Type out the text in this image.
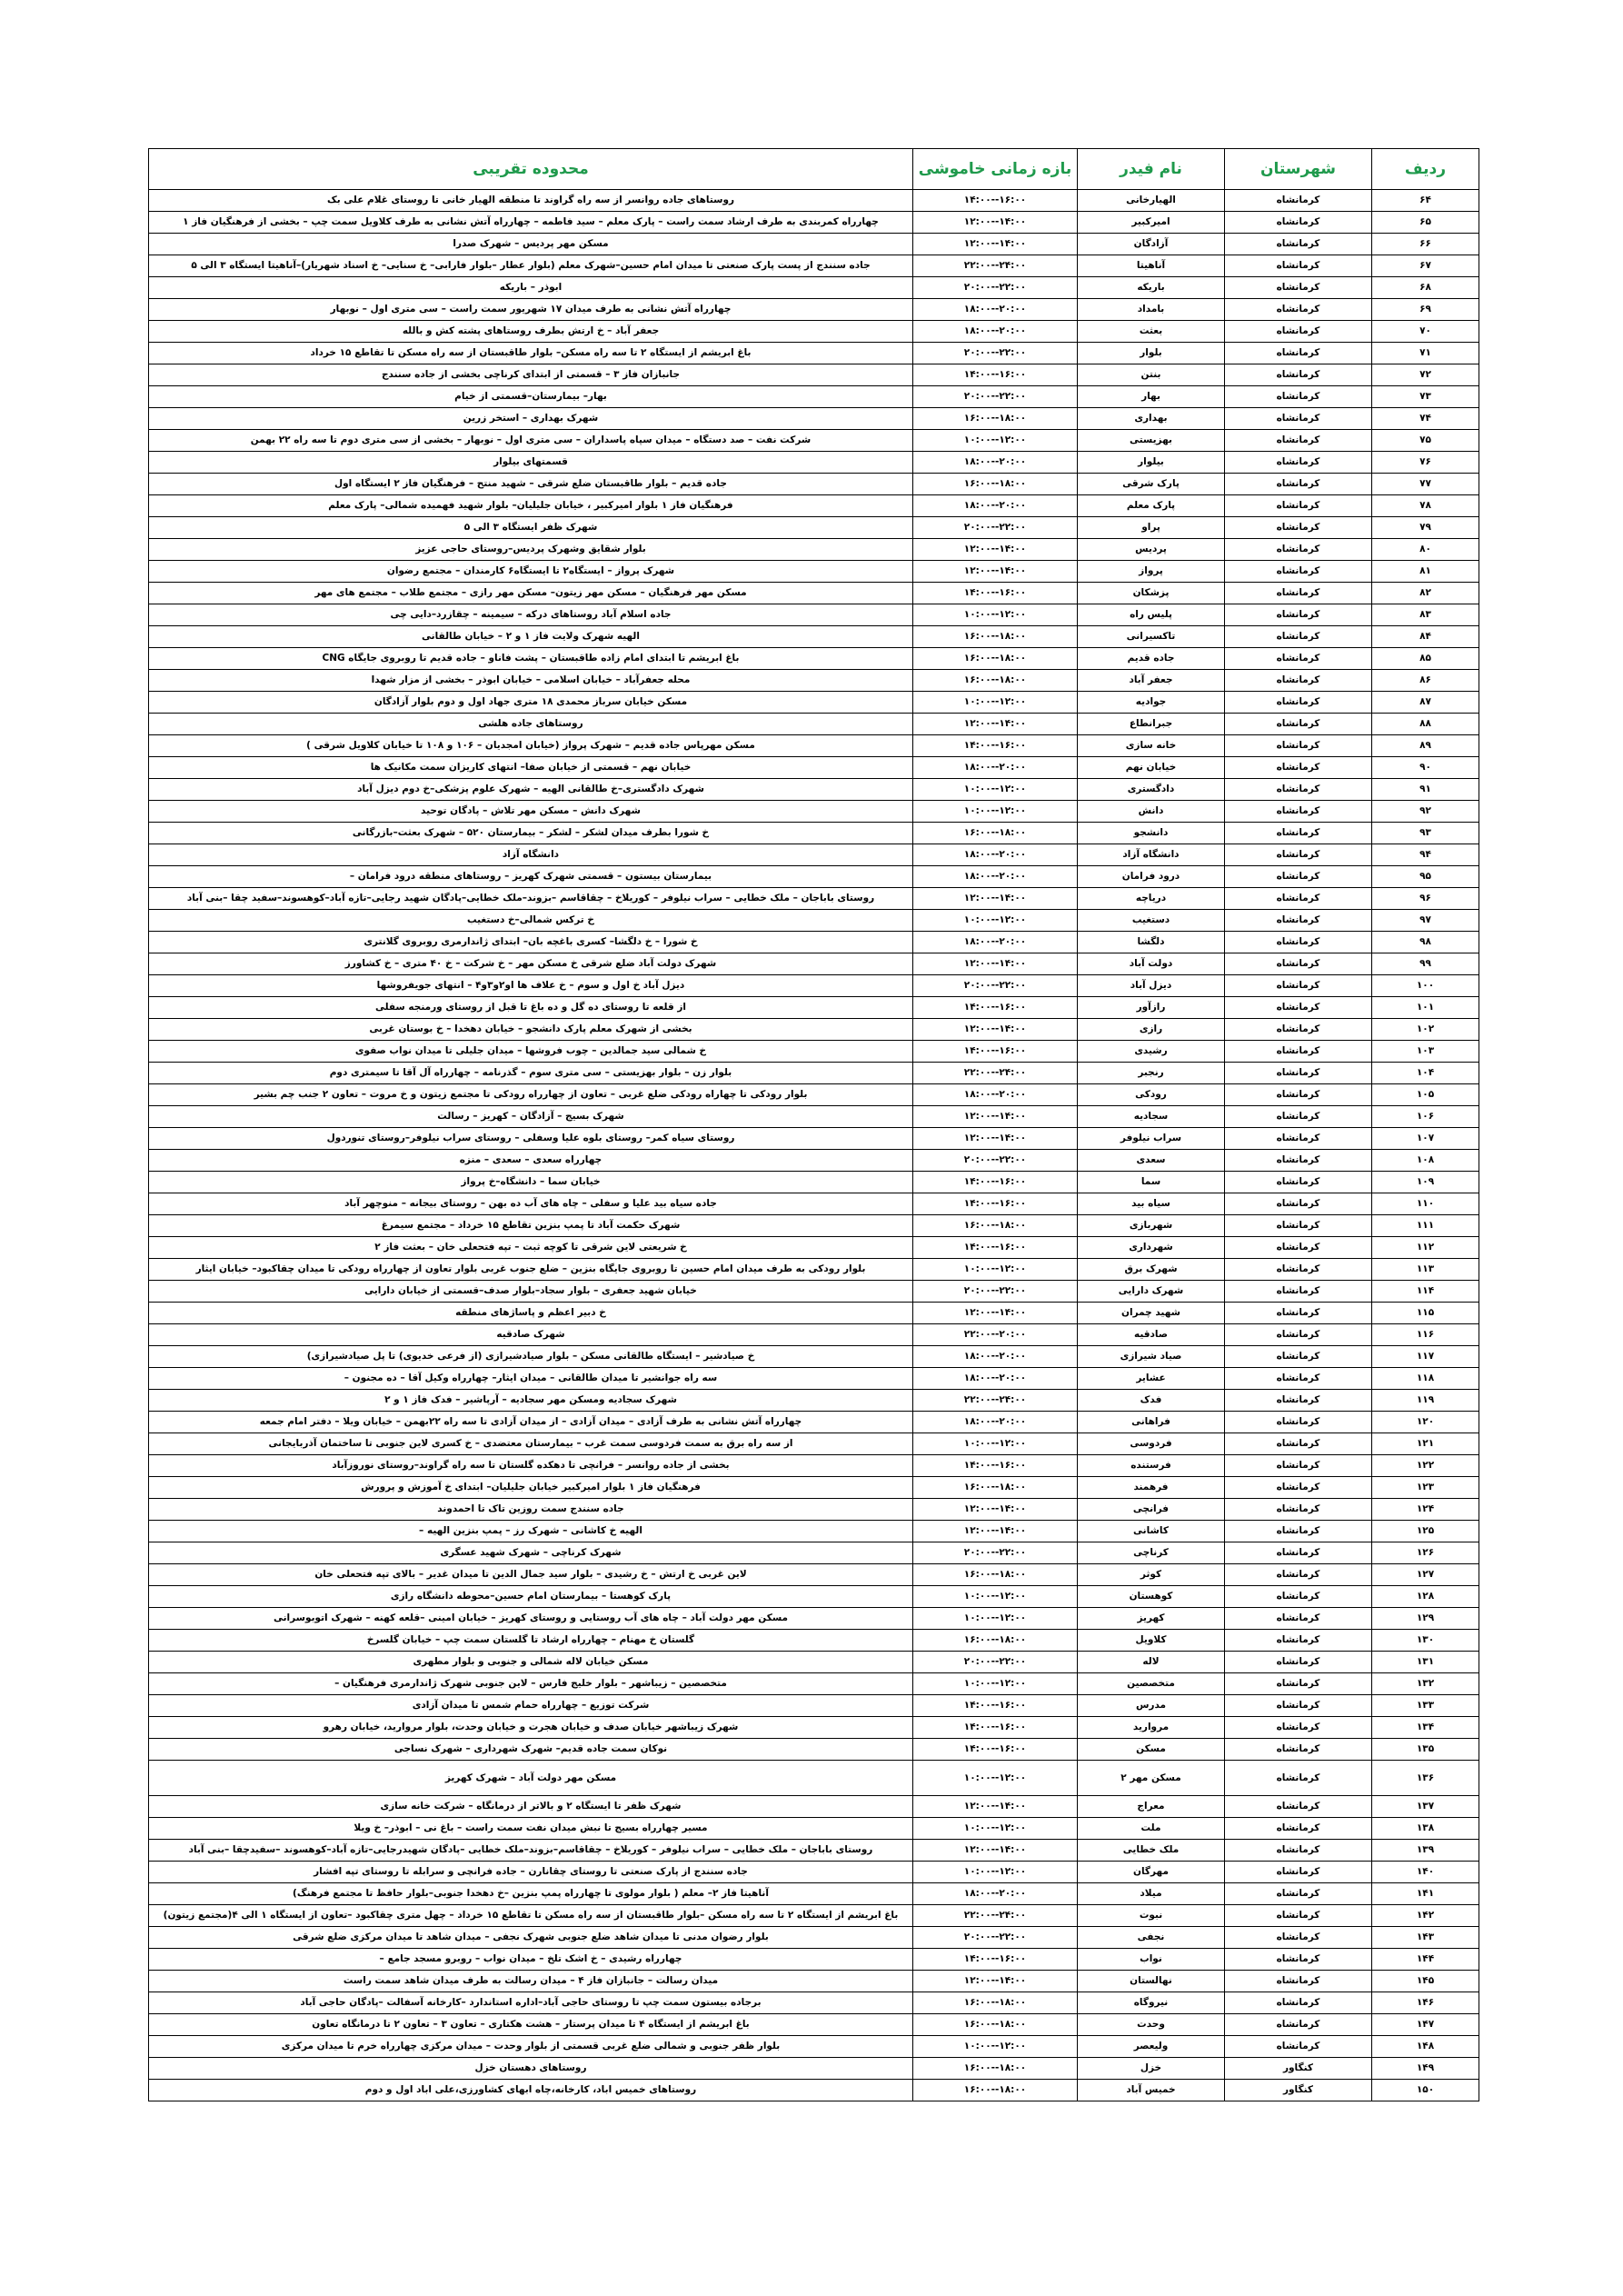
ردیف	شهرستان	نام فیدر	بازه زمانی خاموشی	محدوده تقریبی
۶۴	کرمانشاه	الهیارخانی	۱۴:۰۰--۱۶:۰۰	روستاهای جاده روانسر از سه راه گراوند تا منطقه الهیار خانی تا روستای غلام علی بک
۶۵	کرمانشاه	امیرکبیر	۱۲:۰۰--۱۴:۰۰	چهارراه کمربندی به طرف ارشاد سمت راست – پارک معلم – سید فاطمه – چهارراه آتش نشانی به طرف کلاویل سمت چپ – بخشی از فرهنگیان فاز ۱
۶۶	کرمانشاه	آزادگان	۱۲:۰۰--۱۴:۰۰	مسکن مهر پردیس – شهرک صدرا
۶۷	کرمانشاه	آناهیتا	۲۲:۰۰--۲۴:۰۰	جاده سنندج از پست پارک صنعتی تا میدان امام حسین–شهرک معلم (بلوار عطار –بلوار فارابی– خ سنایی– خ اسناد شهریار)–آناهیتا ایستگاه ۳ الی ۵
۶۸	کرمانشاه	باریکه	۲۰:۰۰--۲۲:۰۰	ابوذر – باریکه
۶۹	کرمانشاه	بامداد	۱۸:۰۰--۲۰:۰۰	چهارراه آتش نشانی به طرف میدان ۱۷ شهریور سمت راست – سی متری اول – نوبهار
۷۰	کرمانشاه	بعثت	۱۸:۰۰--۲۰:۰۰	جعفر آباد – خ ارتش بطرف روستاهای پشته کش و بالله
۷۱	کرمانشاه	بلوار	۲۰:۰۰--۲۲:۰۰	باغ ابریشم از ایستگاه ۲ تا سه راه مسکن– بلوار طاقبستان از سه راه مسکن تا تقاطع ۱۵ خرداد
۷۲	کرمانشاه	بنتن	۱۴:۰۰--۱۶:۰۰	جانبازان فاز ۳ – قسمتی از ابتدای کرناچی بخشی از جاده سنندج
۷۳	کرمانشاه	بهار	۲۰:۰۰--۲۲:۰۰	بهار– بیمارستان–قسمتی از خیام
۷۴	کرمانشاه	بهداری	۱۶:۰۰--۱۸:۰۰	شهرک بهداری – استخر زرین
۷۵	کرمانشاه	بهزیستی	۱۰:۰۰--۱۲:۰۰	شرکت نفت – صد دستگاه – میدان سپاه پاسداران – سی متری اول – نوبهار – بخشی از سی متری دوم تا سه راه ۲۲ بهمن
۷۶	کرمانشاه	بیلوار	۱۸:۰۰--۲۰:۰۰	قسمتهای بیلوار
۷۷	کرمانشاه	پارک شرقی	۱۶:۰۰--۱۸:۰۰	جاده قدیم – بلوار طاقبستان ضلع شرقی – شهید منتح – فرهنگیان فاز ۲ ایستگاه اول
۷۸	کرمانشاه	پارک معلم	۱۸:۰۰--۲۰:۰۰	فرهنگیان فاز ۱ بلوار امیرکبیر ، خیابان جلیلیان– بلوار شهید فهمیده شمالی– پارک معلم
۷۹	کرمانشاه	پراو	۲۰:۰۰--۲۲:۰۰	شهرک ظفر ایستگاه ۳ الی ۵
۸۰	کرمانشاه	پردیس	۱۲:۰۰--۱۴:۰۰	بلوار شقایق وشهرک پردیس–روستای حاجی عزیز
۸۱	کرمانشاه	پرواز	۱۲:۰۰--۱۴:۰۰	شهرک پرواز – ایستگاه۲ تا ایستگاه۶ کارمندان – مجتمع رضوان
۸۲	کرمانشاه	پزشکان	۱۴:۰۰--۱۶:۰۰	مسکن مهر فرهنگیان – مسکن مهر زیتون– مسکن مهر رازی – مجتمع طلاب – مجتمع های مهر
۸۳	کرمانشاه	پلیس راه	۱۰:۰۰--۱۲:۰۰	جاده اسلام آباد روستاهای درکه – سیمینه – چقازرد–دایی چی
۸۴	کرمانشاه	تاکسیرانی	۱۶:۰۰--۱۸:۰۰	الهیه شهرک ولایت فاز ۱ و ۲ – خیابان طالقانی
۸۵	کرمانشاه	جاده قدیم	۱۶:۰۰--۱۸:۰۰	باغ ابریشم تا ابتدای امام زاده طاقبستان – پشت فاناو – جاده قدیم تا روبروی جایگاه CNG
۸۶	کرمانشاه	جعفر آباد	۱۶:۰۰--۱۸:۰۰	محله جعفرآباد – خیابان اسلامی – خیابان ابوذر – بخشی از مزار شهدا
۸۷	کرمانشاه	جوادیه	۱۰:۰۰--۱۲:۰۰	مسکن خیابان سرباز محمدی ۱۸ متری جهاد اول و دوم بلوار آزادگان
۸۸	کرمانشاه	جبرانطاع	۱۲:۰۰--۱۴:۰۰	روستاهای جاده هلشی
۸۹	کرمانشاه	خانه سازی	۱۴:۰۰--۱۶:۰۰	مسکن مهرپاس جاده قدیم – شهرک پرواز (خیابان امجدیان – ۱۰۶ و ۱۰۸ تا خیابان کلاویل شرقی )
۹۰	کرمانشاه	خیابان نهم	۱۸:۰۰--۲۰:۰۰	خیابان نهم – قسمتی از خیابان صفا– انتهای کاریزان سمت مکانیک ها
۹۱	کرمانشاه	دادگستری	۱۰:۰۰--۱۲:۰۰	شهرک دادگستری–خ طالقانی الهیه – شهرک علوم پزشکی–خ دوم دیزل آباد
۹۲	کرمانشاه	دانش	۱۰:۰۰--۱۲:۰۰	شهرک دانش – مسکن مهر تلاش – پادگان توحید
۹۳	کرمانشاه	دانشجو	۱۶:۰۰--۱۸:۰۰	خ شورا بطرف میدان لشکر – لشکر – بیمارستان ۵۲۰ – شهرک بعثت–بازرگانی
۹۴	کرمانشاه	دانشگاه آزاد	۱۸:۰۰--۲۰:۰۰	دانشگاه آزاد
۹۵	کرمانشاه	درود فرامان	۱۸:۰۰--۲۰:۰۰	بیمارستان بیستون – قسمتی شهرک کهریز – روستاهای منطقه درود فرامان –
۹۶	کرمانشاه	دریاچه	۱۲:۰۰--۱۴:۰۰	روستای باباجان – ملک خطایی – سراب نیلوفر – کوریلاخ – چقاقاسم –بزوند–ملک خطایی–پادگان شهید رجایی–تازه آباد–کوهسوند–سفید چقا –بنی آباد
۹۷	کرمانشاه	دستغیب	۱۰:۰۰--۱۲:۰۰	خ ترکس شمالی–خ دستغیب
۹۸	کرمانشاه	دلگشا	۱۸:۰۰--۲۰:۰۰	خ شورا – خ دلگشا– کسری باغچه بان– ابتدای ژاندارمری روبروی گلانتری
۹۹	کرمانشاه	دولت آباد	۱۲:۰۰--۱۴:۰۰	شهرک دولت آباد ضلع شرقی خ مسکن مهر – خ شرکت – خ ۴۰ متری – خ کشاورز
۱۰۰	کرمانشاه	دیزل آباد	۲۰:۰۰--۲۲:۰۰	دیزل آباد خ اول و سوم – خ علاف ها او۲و۳و۴ – انتهای جویفروشها
۱۰۱	کرمانشاه	رازآور	۱۴:۰۰--۱۶:۰۰	از قلعه تا روستای ده گل و ده باغ تا قبل از روستای ورمنجه سفلی
۱۰۲	کرمانشاه	رازی	۱۲:۰۰--۱۴:۰۰	بخشی از شهرک معلم پارک دانشجو – خیابان دهخدا – خ بوستان غربی
۱۰۳	کرمانشاه	رشیدی	۱۴:۰۰--۱۶:۰۰	خ شمالی سید جمالدین – چوب فروشها – میدان جلیلی تا میدان نواب صفوی
۱۰۴	کرمانشاه	رنجبر	۲۲:۰۰--۲۴:۰۰	بلوار زن – بلوار بهزیستی – سی متری سوم – گذرنامه – چهارراه آل آقا تا سیمتری دوم
۱۰۵	کرمانشاه	رودکی	۱۸:۰۰--۲۰:۰۰	بلوار رودکی تا چهاراه رودکی ضلع غربی – تعاون از چهارراه رودکی تا مجتمع زیتون و خ مروت – تعاون ۲ جنب چم بشیر
۱۰۶	کرمانشاه	سجادیه	۱۲:۰۰--۱۴:۰۰	شهرک بسیج – آزادگان – کهریز – رسالت
۱۰۷	کرمانشاه	سراب نیلوفر	۱۲:۰۰--۱۴:۰۰	روستای سیاه کمر– روستای بلوه علیا وسفلی – روستای سراب نیلوفر–روستای تنوردول
۱۰۸	کرمانشاه	سعدی	۲۰:۰۰--۲۲:۰۰	چهارراه سعدی – سعدی – منزه
۱۰۹	کرمانشاه	سما	۱۴:۰۰--۱۶:۰۰	خیابان سما – دانشگاه–خ پرواز
۱۱۰	کرمانشاه	سیاه بید	۱۴:۰۰--۱۶:۰۰	جاده سیاه بید علیا و سفلی – چاه های آب ده بهن – روستای بیجانه – منوچهر آباد
۱۱۱	کرمانشاه	شهربازی	۱۶:۰۰--۱۸:۰۰	شهرک حکمت آباد تا پمپ بنزین تقاطع ۱۵ خرداد – مجتمع سیمرغ
۱۱۲	کرمانشاه	شهرداری	۱۴:۰۰--۱۶:۰۰	خ شریعتی لاین شرقی تا کوچه ثبت – تپه فتحعلی خان – بعثت فاز ۲
۱۱۳	کرمانشاه	شهرک برق	۱۰:۰۰--۱۲:۰۰	بلوار رودکی به طرف میدان امام حسین تا روبروی جایگاه بنزین – ضلع جنوب غربی بلوار تعاون از چهارراه رودکی تا میدان چقاکبود– خیابان ایثار
۱۱۴	کرمانشاه	شهرک دارایی	۲۰:۰۰--۲۲:۰۰	خیابان شهید جعفری – بلوار سجاد–بلوار صدف–قسمتی از خیابان دارایی
۱۱۵	کرمانشاه	شهید چمران	۱۲:۰۰--۱۴:۰۰	خ دبیر اعظم و پاساژهای منطقه
۱۱۶	کرمانشاه	صادقیه	۲۲:۰۰--۲۰:۰۰	شهرک صادقیه
۱۱۷	کرمانشاه	صیاد شیرازی	۱۸:۰۰--۲۰:۰۰	خ صیادشیر – ایستگاه طالقانی مسکن – بلوار صیادشیرازی (از فرعی خدیوی) تا پل صیادشیرازی)
۱۱۸	کرمانشاه	عشایر	۱۸:۰۰--۲۰:۰۰	سه راه جوانشیر تا میدان طالقانی – میدان ایثار– چهارراه وکیل آقا – ده مجنون –
۱۱۹	کرمانشاه	فدک	۲۲:۰۰--۲۴:۰۰	شهرک سجادیه ومسکن مهر سجادیه – آرپاشیر – فدک فاز ۱ و ۲
۱۲۰	کرمانشاه	فراهانی	۱۸:۰۰--۲۰:۰۰	چهارراه آتش نشانی به طرف آزادی – میدان آزادی – از میدان آزادی تا سه راه ۲۲بهمن – خیابان ویلا – دفتر امام جمعه
۱۲۱	کرمانشاه	فردوسی	۱۰:۰۰--۱۲:۰۰	از سه راه برق به سمت فردوسی سمت غرب – بیمارستان معتضدی – خ کسری لاین جنوبی تا ساختمان آذربایجانی
۱۲۲	کرمانشاه	فرستنده	۱۴:۰۰--۱۶:۰۰	بخشی از جاده روانسر – فرانچی تا دهکده گلستان تا سه راه گراوند–روستای نوروزآباد
۱۲۳	کرمانشاه	فرهمند	۱۶:۰۰--۱۸:۰۰	فرهنگیان فاز ۱ بلوار امیرکبیر خیابان جلیلیان– ابتدای خ آموزش و پرورش
۱۲۴	کرمانشاه	فرانچی	۱۲:۰۰--۱۴:۰۰	جاده سنندج سمت روزین تاک تا احمدوند
۱۲۵	کرمانشاه	کاشانی	۱۲:۰۰--۱۴:۰۰	الهیه خ کاشانی – شهرک رز – پمپ بنزین الهیه –
۱۲۶	کرمانشاه	کرناچی	۲۰:۰۰--۲۲:۰۰	شهرک کرناچی – شهرک شهید عسگری
۱۲۷	کرمانشاه	کوثر	۱۶:۰۰--۱۸:۰۰	لاین غربی خ ارتش – خ رشیدی – بلوار سید جمال الدین تا میدان غدیر – بالای تپه فتحعلی خان
۱۲۸	کرمانشاه	کوهستان	۱۰:۰۰--۱۲:۰۰	پارک کوهستا – بیمارستان امام حسین–محوطه دانشگاه رازی
۱۲۹	کرمانشاه	کهریز	۱۰:۰۰--۱۲:۰۰	مسکن مهر دولت آباد – چاه های آب روستایی و روستای کهریز – خیابان امینی –قلعه کهنه – شهرک اتوبوسرانی
۱۳۰	کرمانشاه	کلاویل	۱۶:۰۰--۱۸:۰۰	گلستان خ مهنام – چهارراه ارشاد تا گلستان سمت چپ – خیابان گلسرخ
۱۳۱	کرمانشاه	لاله	۲۰:۰۰--۲۲:۰۰	مسکن خیابان لاله شمالی و جنوبی و بلوار مطهری
۱۳۲	کرمانشاه	متخصصین	۱۰:۰۰--۱۲:۰۰	متخصصین – زیباشهر – بلوار خلیج فارس – لاین جنوبی شهرک ژاندارمری فرهنگیان –
۱۳۳	کرمانشاه	مدرس	۱۴:۰۰--۱۶:۰۰	شرکت توزیع – چهارراه حمام شمس تا میدان آزادی
۱۳۴	کرمانشاه	مروارید	۱۴:۰۰--۱۶:۰۰	شهرک زیباشهر خیابان صدف و خیابان هجرت و خیابان وحدت، بلوار مروارید، خیابان رهرو
۱۳۵	کرمانشاه	مسکن	۱۴:۰۰--۱۶:۰۰	نوکان سمت جاده قدیم– شهرک شهرداری – شهرک نساجی
۱۳۶	کرمانشاه	مسکن مهر ۲	۱۰:۰۰--۱۲:۰۰	مسکن مهر دولت آباد – شهرک کهریز
۱۳۷	کرمانشاه	معراج	۱۲:۰۰--۱۴:۰۰	شهرک ظفر تا ایستگاه ۲ و بالاتر از درمانگاه – شرکت خانه سازی
۱۳۸	کرمانشاه	ملت	۱۰:۰۰--۱۲:۰۰	مسیر چهارراه بسیج تا نبش میدان نفت سمت راست – باغ نی – ابوذر– خ ویلا
۱۳۹	کرمانشاه	ملک خطایی	۱۲:۰۰--۱۴:۰۰	روستای باباجان – ملک خطایی – سراب نیلوفر – کوریلاخ – چقاقاسم–بزوند–ملک خطایی –پادگان شهیدرجایی–تازه آباد–کوهسوند –سفیدچقا –بنی آباد
۱۴۰	کرمانشاه	مهرگان	۱۰:۰۰--۱۲:۰۰	جاده سنندج از پارک صنعتی تا روستای چقانارن – جاده فرانچی و سرابله تا روستای تپه افشار
۱۴۱	کرمانشاه	میلاد	۱۸:۰۰--۲۰:۰۰	آناهیتا فاز ۲– معلم ( بلوار مولوی تا چهارراه پمپ بنزین –خ دهخدا جنوبی–بلوار حافظ تا مجتمع فرهنگ)
۱۴۲	کرمانشاه	نبوت	۲۲:۰۰--۲۴:۰۰	باغ ابریشم از ایستگاه ۲ تا سه راه مسکن –بلوار طاقبستان از سه راه مسکن تا تقاطع ۱۵ خرداد – چهل متری چقاکبود –تعاون از ایستگاه ۱ الی ۴(مجتمع زیتون)
۱۴۳	کرمانشاه	نجفی	۲۰:۰۰--۲۲:۰۰	بلوار رضوان مدنی تا میدان شاهد ضلع جنوبی شهرک نجفی – میدان شاهد تا میدان مرکزی ضلع شرقی
۱۴۴	کرمانشاه	نواب	۱۴:۰۰--۱۶:۰۰	چهارراه رشیدی – خ اشک تلخ – میدان نواب – روبرو مسجد جامع –
۱۴۵	کرمانشاه	نهالستان	۱۲:۰۰--۱۴:۰۰	میدان رسالت – جانبازان فاز ۴ – میدان رسالت به طرف میدان شاهد سمت راست
۱۴۶	کرمانشاه	نیروگاه	۱۶:۰۰--۱۸:۰۰	برجاده بیستون سمت چپ تا روستای حاجی آباد–اداره استاندارد –کارخانه آسفالت –پادگان حاجی آباد
۱۴۷	کرمانشاه	وحدت	۱۶:۰۰--۱۸:۰۰	باغ ابریشم از ایستگاه ۴ تا میدان پرستار – هشت هکتاری – تعاون ۳ – تعاون ۲ تا درمانگاه تعاون
۱۴۸	کرمانشاه	ولیعصر	۱۰:۰۰--۱۲:۰۰	بلوار ظفر جنوبی و شمالی ضلع غربی قسمتی از بلوار وحدت – میدان مرکزی چهارراه خرم تا میدان مرکزی
۱۴۹	کنگاور	خزل	۱۶:۰۰--۱۸:۰۰	روستاهای دهستان خزل
۱۵۰	کنگاور	خمیس آباد	۱۶:۰۰--۱۸:۰۰	روستاهای خمیس اباد، کارخانه،چاه ابهای کشاورزی،علی اباد اول و دوم
